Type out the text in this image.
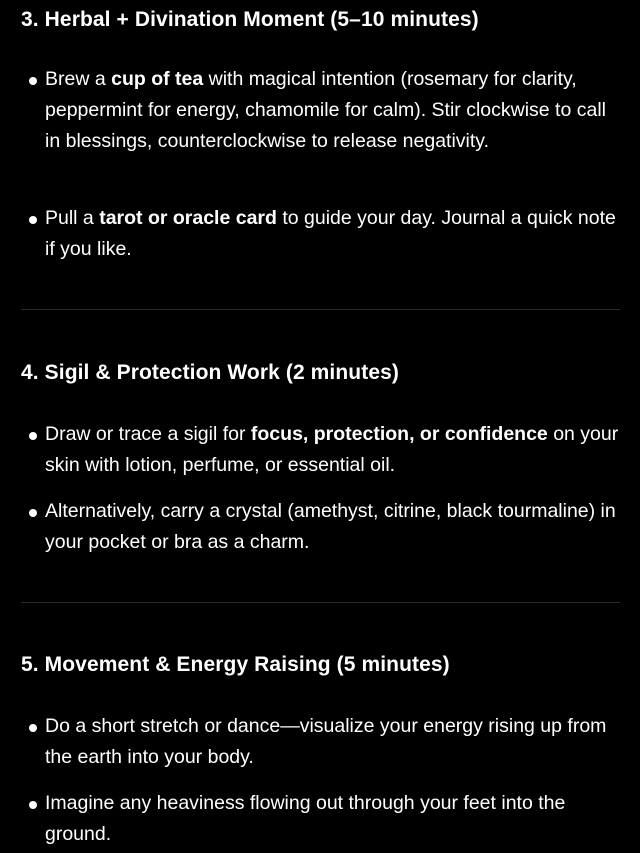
3. Herbal + Divination Moment (5–10 minutes)
Brew a cup of tea with magical intention (rosemary for clarity, peppermint for energy, chamomile for calm). Stir clockwise to call in blessings, counterclockwise to release negativity.
Pull a tarot or oracle card to guide your day. Journal a quick note if you like.
4. Sigil & Protection Work (2 minutes)
Draw or trace a sigil for focus, protection, or confidence on your skin with lotion, perfume, or essential oil.
Alternatively, carry a crystal (amethyst, citrine, black tourmaline) in your pocket or bra as a charm.
5. Movement & Energy Raising (5 minutes)
Do a short stretch or dance—visualize your energy rising up from the earth into your body.
Imagine any heaviness flowing out through your feet into the ground.
